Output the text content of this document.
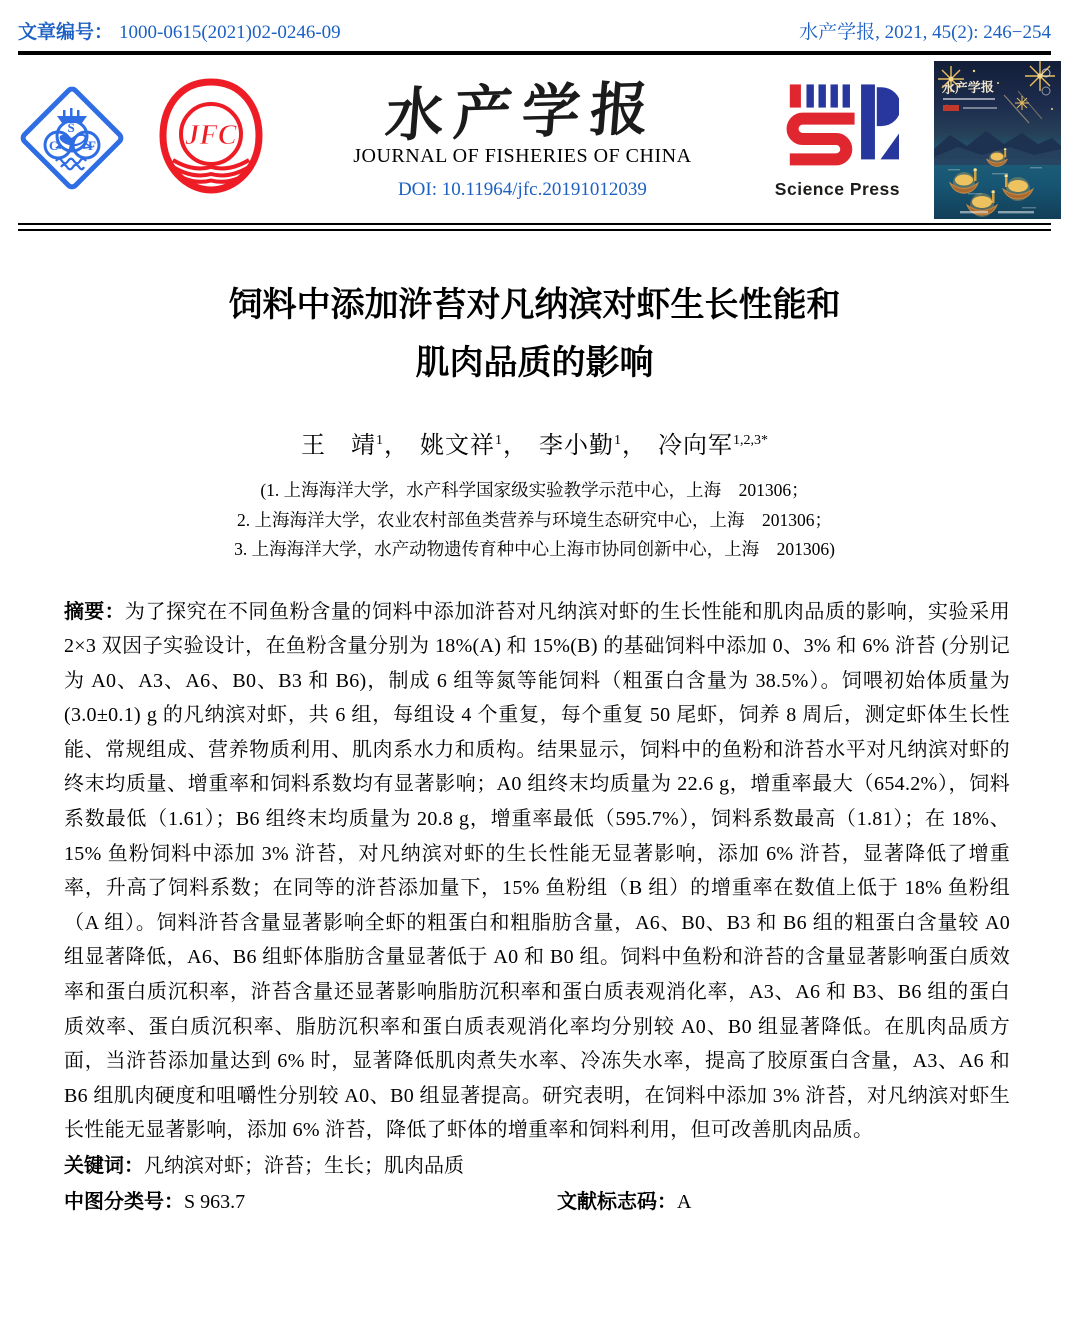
文章编号： 1000-0615(2021)02-0246-09	水产学报, 2021, 45(2): 246−254
C
S
F	JFC	水产学报
JOURNAL OF FISHERIES OF CHINA
DOI: 10.11964/jfc.20191012039	Science Press
水产学报
饲料中添加浒苔对凡纳滨对虾生长性能和
肌肉品质的影响
王　靖$^1$， 姚文祥$^1$， 李小勤$^1$， 冷向军$^{1,2,3*}$
(1. 上海海洋大学，水产科学国家级实验教学示范中心，上海　201306；
2. 上海海洋大学，农业农村部鱼类营养与环境生态研究中心，上海　201306；
3. 上海海洋大学，水产动物遗传育种中心上海市协同创新中心，上海　201306)

摘要：为了探究在不同鱼粉含量的饲料中添加浒苔对凡纳滨对虾的生长性能和肌肉品质的影响，实验采用 2×3 双因子实验设计，在鱼粉含量分别为 18%(A) 和 15%(B) 的基础饲料中添加 0、3% 和 6% 浒苔 (分别记为 A0、A3、A6、B0、B3 和 B6)，制成 6 组等氮等能饲料（粗蛋白含量为 38.5%）。饲喂初始体质量为 (3.0±0.1) g 的凡纳滨对虾，共 6 组，每组设 4 个重复，每个重复 50 尾虾，饲养 8 周后，测定虾体生长性能、常规组成、营养物质利用、肌肉系水力和质构。结果显示，饲料中的鱼粉和浒苔水平对凡纳滨对虾的终末均质量、增重率和饲料系数均有显著影响；A0 组终末均质量为 22.6 g，增重率最大（654.2%），饲料系数最低（1.61）；B6 组终末均质量为 20.8 g，增重率最低（595.7%），饲料系数最高（1.81）；在 18%、15% 鱼粉饲料中添加 3% 浒苔，对凡纳滨对虾的生长性能无显著影响，添加 6% 浒苔，显著降低了增重率，升高了饲料系数；在同等的浒苔添加量下，15% 鱼粉组（B 组）的增重率在数值上低于 18% 鱼粉组（A 组）。饲料浒苔含量显著影响全虾的粗蛋白和粗脂肪含量，A6、B0、B3 和 B6 组的粗蛋白含量较 A0 组显著降低，A6、B6 组虾体脂肪含量显著低于 A0 和 B0 组。饲料中鱼粉和浒苔的含量显著影响蛋白质效率和蛋白质沉积率，浒苔含量还显著影响脂肪沉积率和蛋白质表观消化率，A3、A6 和 B3、B6 组的蛋白质效率、蛋白质沉积率、脂肪沉积率和蛋白质表观消化率均分别较 A0、B0 组显著降低。在肌肉品质方面，当浒苔添加量达到 6% 时，显著降低肌肉煮失水率、冷冻失水率，提高了胶原蛋白含量，A3、A6 和 B6 组肌肉硬度和咀嚼性分别较 A0、B0 组显著提高。研究表明，在饲料中添加 3% 浒苔，对凡纳滨对虾生长性能无显著影响，添加 6% 浒苔，降低了虾体的增重率和饲料利用，但可改善肌肉品质。

关键词：凡纳滨对虾；浒苔；生长；肌肉品质

中图分类号：S 963.7	文献标志码：A
